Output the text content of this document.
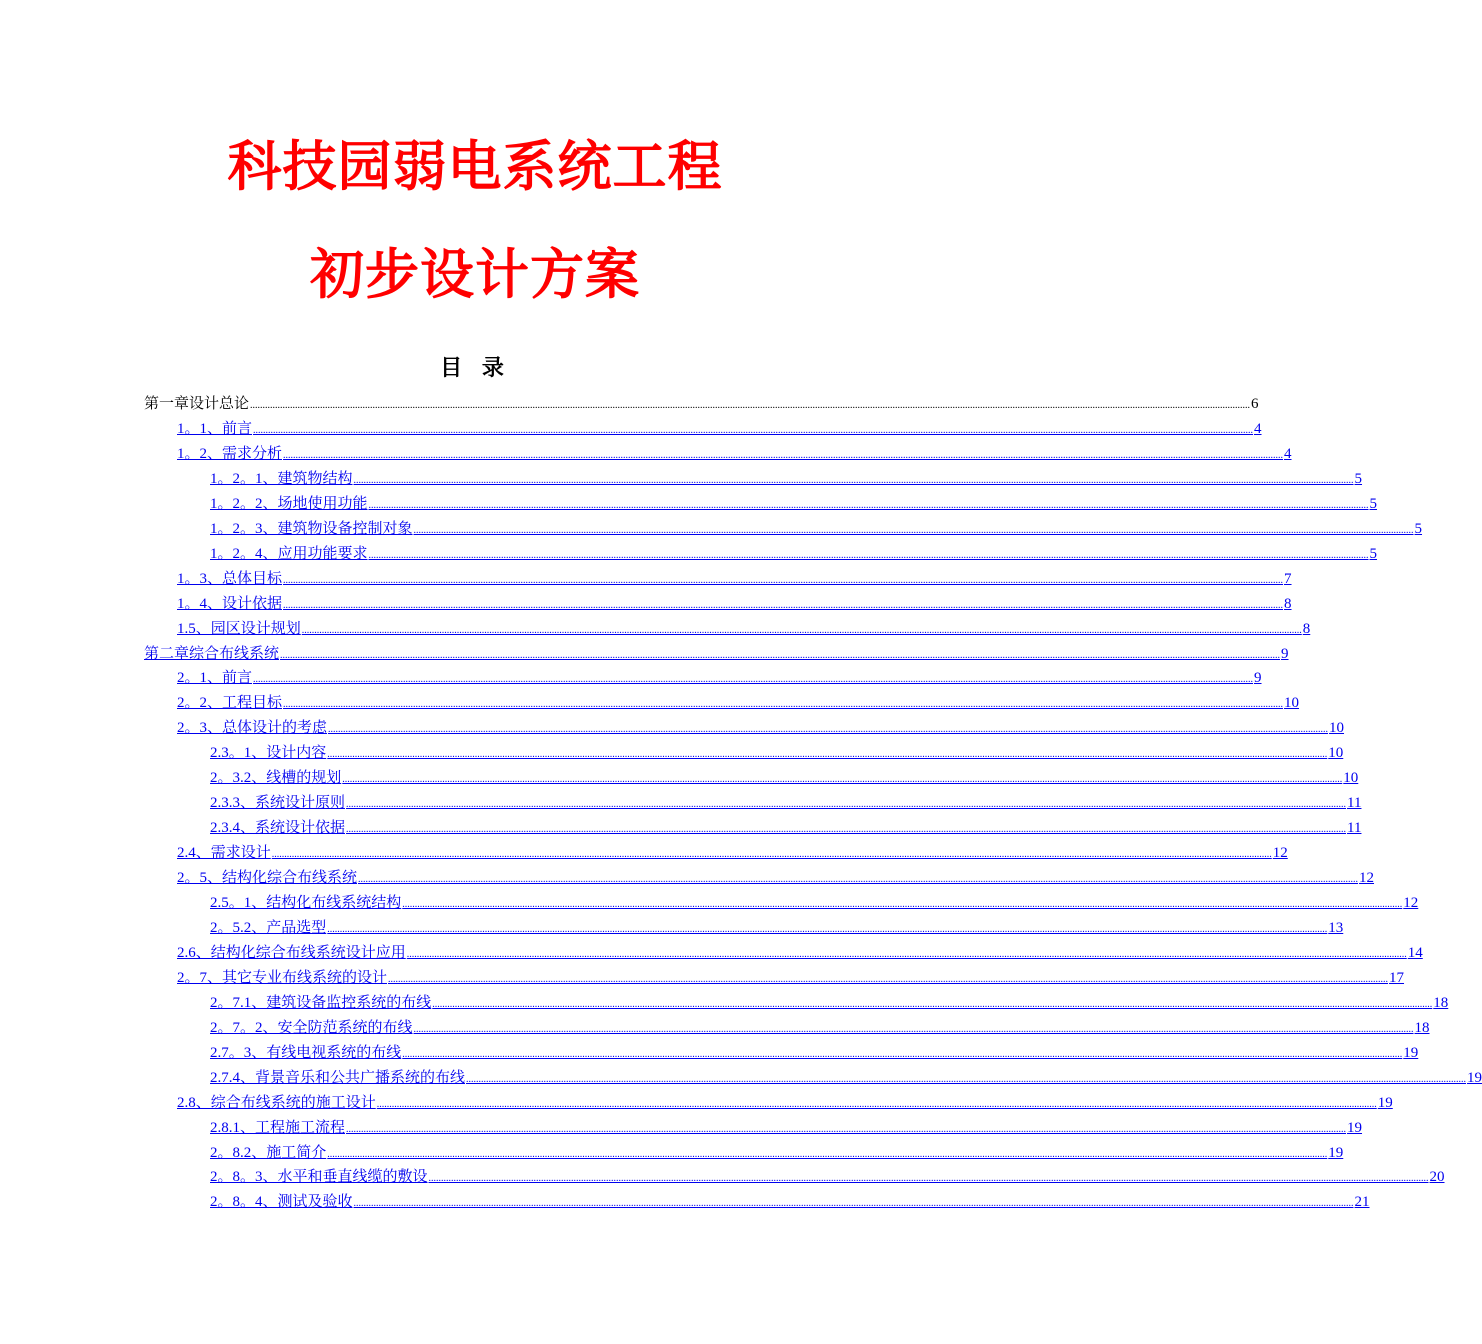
科技园弱电系统工程
初步设计方案
目 录
第一章设计总论 ................................................................................................................................................................................................................................................................................................................................................................................................................ 6
1。1、前言 ................................................................................................................................................................................................................................................................................................................................................................................................................ 4
1。2、需求分析 ................................................................................................................................................................................................................................................................................................................................................................................................................ 4
1。2。1、建筑物结构 ................................................................................................................................................................................................................................................................................................................................................................................................................ 5
1。2。2、场地使用功能 ................................................................................................................................................................................................................................................................................................................................................................................................................ 5
1。2。3、建筑物设备控制对象 ................................................................................................................................................................................................................................................................................................................................................................................................................ 5
1。2。4、应用功能要求 ................................................................................................................................................................................................................................................................................................................................................................................................................ 5
1。3、总体目标 ................................................................................................................................................................................................................................................................................................................................................................................................................ 7
1。4、设计依据 ................................................................................................................................................................................................................................................................................................................................................................................................................ 8
1.5、园区设计规划 ................................................................................................................................................................................................................................................................................................................................................................................................................ 8
第二章综合布线系统 ................................................................................................................................................................................................................................................................................................................................................................................................................ 9
2。1、前言 ................................................................................................................................................................................................................................................................................................................................................................................................................ 9
2。2、工程目标 ................................................................................................................................................................................................................................................................................................................................................................................................................ 10
2。3、总体设计的考虑 ................................................................................................................................................................................................................................................................................................................................................................................................................ 10
2.3。1、设计内容 ................................................................................................................................................................................................................................................................................................................................................................................................................ 10
2。3.2、线槽的规划 ................................................................................................................................................................................................................................................................................................................................................................................................................ 10
2.3.3、系统设计原则 ................................................................................................................................................................................................................................................................................................................................................................................................................ 11
2.3.4、系统设计依据 ................................................................................................................................................................................................................................................................................................................................................................................................................ 11
2.4、需求设计 ................................................................................................................................................................................................................................................................................................................................................................................................................ 12
2。5、结构化综合布线系统 ................................................................................................................................................................................................................................................................................................................................................................................................................ 12
2.5。1、结构化布线系统结构 ................................................................................................................................................................................................................................................................................................................................................................................................................ 12
2。5.2、产品选型 ................................................................................................................................................................................................................................................................................................................................................................................................................ 13
2.6、结构化综合布线系统设计应用 ................................................................................................................................................................................................................................................................................................................................................................................................................ 14
2。7、其它专业布线系统的设计 ................................................................................................................................................................................................................................................................................................................................................................................................................ 17
2。7.1、建筑设备监控系统的布线 ................................................................................................................................................................................................................................................................................................................................................................................................................ 18
2。7。2、安全防范系统的布线 ................................................................................................................................................................................................................................................................................................................................................................................................................ 18
2.7。3、有线电视系统的布线 ................................................................................................................................................................................................................................................................................................................................................................................................................ 19
2.7.4、背景音乐和公共广播系统的布线 ................................................................................................................................................................................................................................................................................................................................................................................................................ 19
2.8、综合布线系统的施工设计 ................................................................................................................................................................................................................................................................................................................................................................................................................ 19
2.8.1、工程施工流程 ................................................................................................................................................................................................................................................................................................................................................................................................................ 19
2。8.2、施工简介 ................................................................................................................................................................................................................................................................................................................................................................................................................ 19
2。8。3、水平和垂直线缆的敷设 ................................................................................................................................................................................................................................................................................................................................................................................................................ 20
2。8。4、测试及验收 ................................................................................................................................................................................................................................................................................................................................................................................................................ 21
